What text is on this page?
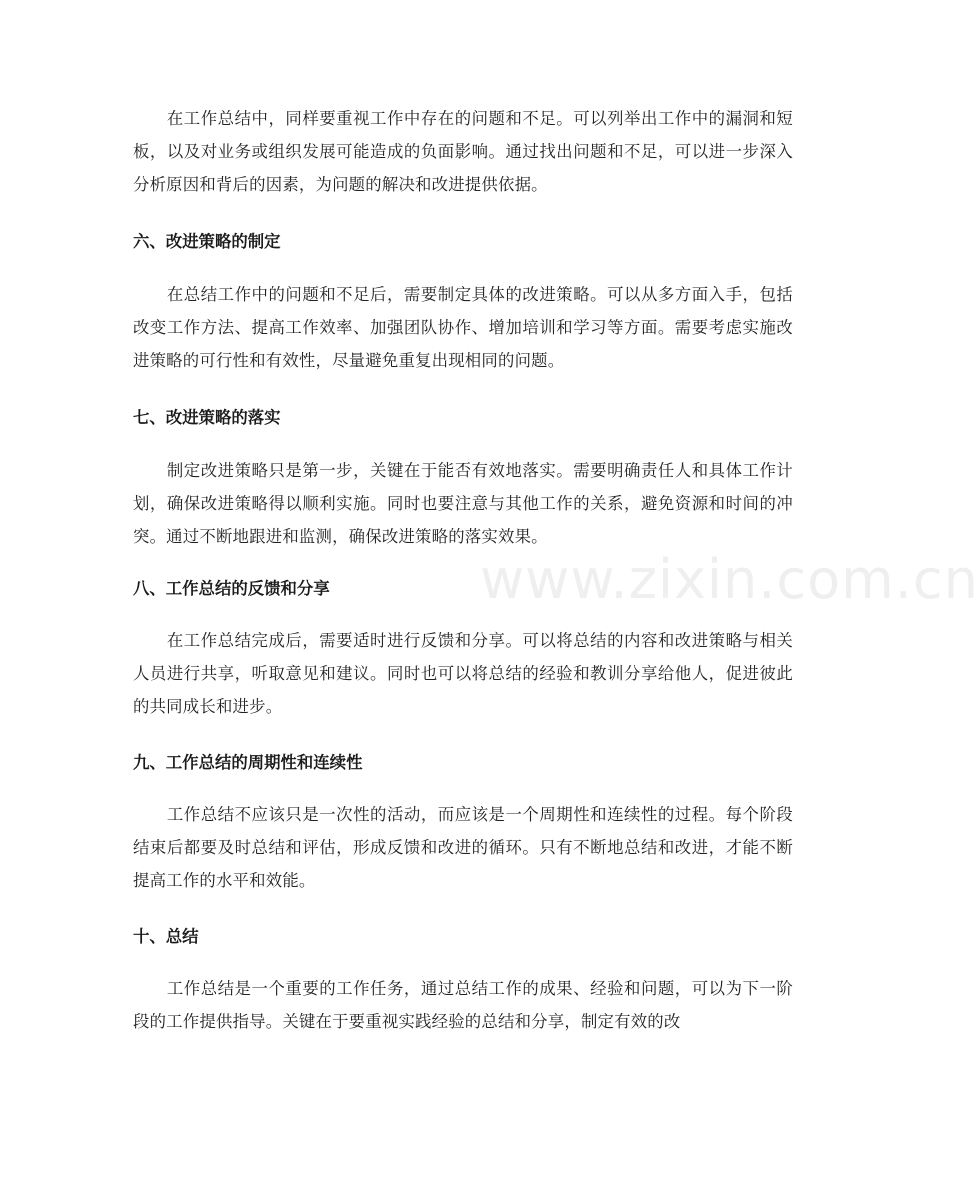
　　在工作总结中，同样要重视工作中存在的问题和不足。可以列举出工作中的漏洞和短板，以及对业务或组织发展可能造成的负面影响。通过找出问题和不足，可以进一步深入分析原因和背后的因素，为问题的解决和改进提供依据。

六、改进策略的制定

　　在总结工作中的问题和不足后，需要制定具体的改进策略。可以从多方面入手，包括改变工作方法、提高工作效率、加强团队协作、增加培训和学习等方面。需要考虑实施改进策略的可行性和有效性，尽量避免重复出现相同的问题。

七、改进策略的落实

　　制定改进策略只是第一步，关键在于能否有效地落实。需要明确责任人和具体工作计划，确保改进策略得以顺利实施。同时也要注意与其他工作的关系，避免资源和时间的冲突。通过不断地跟进和监测，确保改进策略的落实效果。

八、工作总结的反馈和分享

　　在工作总结完成后，需要适时进行反馈和分享。可以将总结的内容和改进策略与相关人员进行共享，听取意见和建议。同时也可以将总结的经验和教训分享给他人，促进彼此的共同成长和进步。

九、工作总结的周期性和连续性

　　工作总结不应该只是一次性的活动，而应该是一个周期性和连续性的过程。每个阶段结束后都要及时总结和评估，形成反馈和改进的循环。只有不断地总结和改进，才能不断提高工作的水平和效能。

十、总结

　　工作总结是一个重要的工作任务，通过总结工作的成果、经验和问题，可以为下一阶段的工作提供指导。关键在于要重视实践经验的总结和分享，制定有效的改

www.zixin.com.cn
